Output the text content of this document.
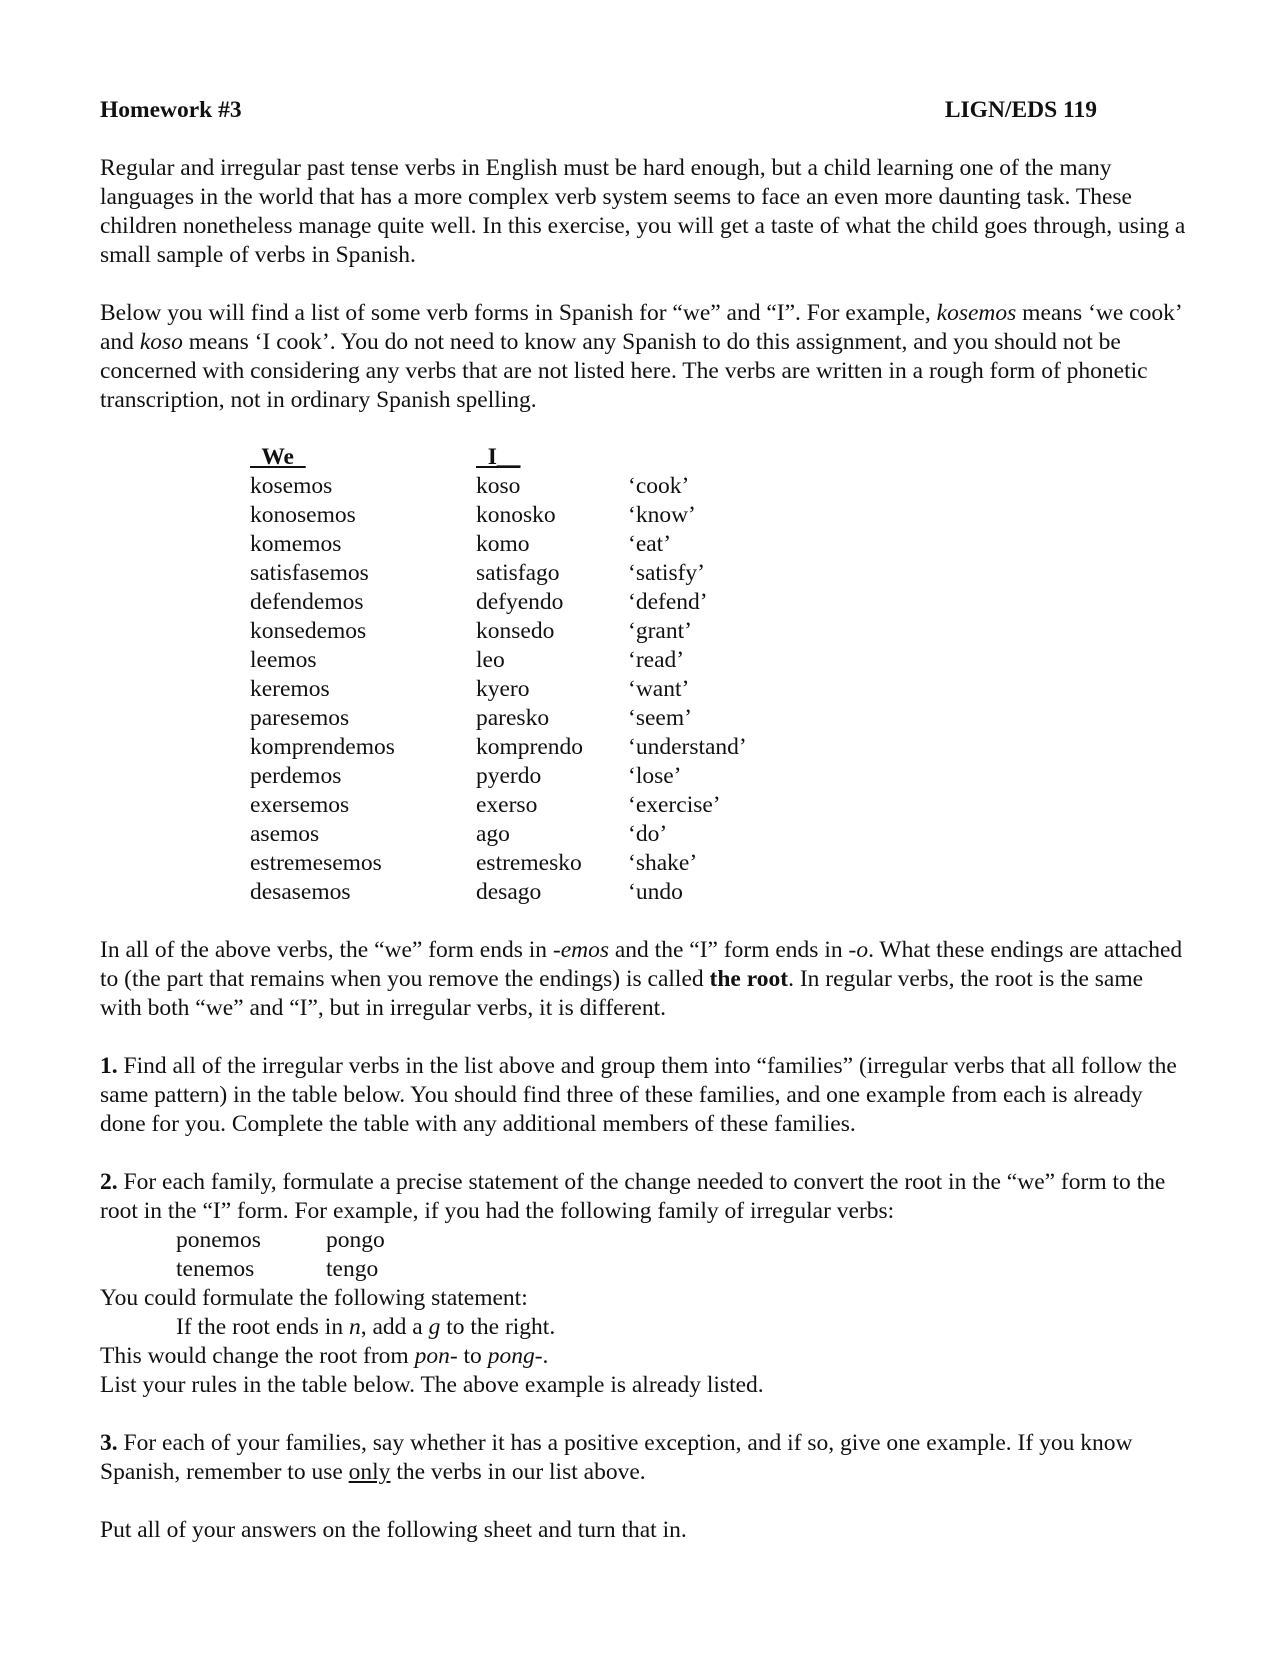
Homework #3	LIGN/EDS 119

Regular and irregular past tense verbs in English must be hard enough, but a child learning one of the many languages in the world that has a more complex verb system seems to face an even more daunting task. These children nonetheless manage quite well. In this exercise, you will get a taste of what the child goes through, using a small sample of verbs in Spanish.

Below you will find a list of some verb forms in Spanish for “we” and “I”. For example, kosemos means ‘we cook’ and koso means ‘I cook’. You do not need to know any Spanish to do this assignment, and you should not be concerned with considering any verbs that are not listed here. The verbs are written in a rough form of phonetic transcription, not in ordinary Spanish spelling.

We	I__
kosemos	koso	‘cook’
konosemos	konosko	‘know’
komemos	komo	‘eat’
satisfasemos	satisfago	‘satisfy’
defendemos	defyendo	‘defend’
konsedemos	konsedo	‘grant’
leemos	leo	‘read’
keremos	kyero	‘want’
paresemos	paresko	‘seem’
komprendemos	komprendo	‘understand’
perdemos	pyerdo	‘lose’
exersemos	exerso	‘exercise’
asemos	ago	‘do’
estremesemos	estremesko	‘shake’
desasemos	desago	‘undo

In all of the above verbs, the “we” form ends in -emos and the “I” form ends in -o. What these endings are attached to (the part that remains when you remove the endings) is called the root. In regular verbs, the root is the same with both “we” and “I”, but in irregular verbs, it is different.

1. Find all of the irregular verbs in the list above and group them into “families” (irregular verbs that all follow the same pattern) in the table below. You should find three of these families, and one example from each is already done for you. Complete the table with any additional members of these families.

2. For each family, formulate a precise statement of the change needed to convert the root in the “we” form to the root in the “I” form. For example, if you had the following family of irregular verbs:

ponemos	pongo
tenemos	tengo

You could formulate the following statement:

If the root ends in n, add a g to the right.

This would change the root from pon- to pong-.

List your rules in the table below. The above example is already listed.

3. For each of your families, say whether it has a positive exception, and if so, give one example. If you know Spanish, remember to use only the verbs in our list above.

Put all of your answers on the following sheet and turn that in.
